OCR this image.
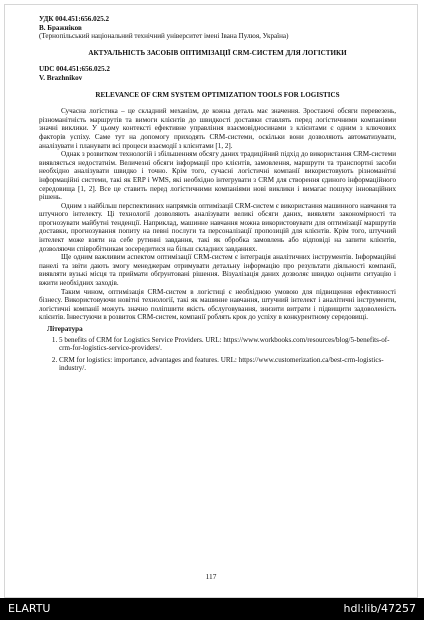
УДК 004.451:656.025.2

В. Бражніков

(Тернопільський національний технічний університет імені Івана Пулюя, Україна)

АКТУАЛЬНІСТЬ ЗАСОБІВ ОПТИМІЗАЦІЇ CRM-СИСТЕМ ДЛЯ ЛОГІСТИКИ

UDC 004.451:656.025.2

V. Brazhnikov

RELEVANCE OF CRM SYSTEM OPTIMIZATION TOOLS FOR LOGISTICS

Сучасна логістика – це складний механізм, де кожна деталь має значення. Зростаючі обсяги перевезень, різноманітність маршрутів та вимоги клієнтів до швидкості доставки ставлять перед логістичними компаніями значні виклики. У цьому контексті ефективне управління взаємовідносинами з клієнтами є одним з ключових факторів успіху. Саме тут на допомогу приходять CRM-системи, оскільки вони дозволяють автоматизувати, аналізувати і планувати всі процеси взаємодії з клієнтами [1, 2].

Однак з розвитком технологій і збільшенням обсягу даних традиційний підхід до використання CRM-системи виявляється недостатнім. Величезні обсяги інформації про клієнтів, замовлення, маршрути та транспортні засоби необхідно аналізувати швидко і точно. Крім того, сучасні логістичні компанії використовують різноманітні інформаційні системи, такі як ERP і WMS, які необхідно інтегрувати з CRM для створення єдиного інформаційного середовища [1, 2]. Все це ставить перед логістичними компаніями нові виклики і вимагає пошуку інноваційних рішень.

Одним з найбільш перспективних напрямків оптимізації CRM-систем є використання машинного навчання та штучного інтелекту. Ці технології дозволяють аналізувати великі обсяги даних, виявляти закономірності та прогнозувати майбутні тенденції. Наприклад, машинне навчання можна використовувати для оптимізації маршрутів доставки, прогнозування попиту на певні послуги та персоналізації пропозицій для клієнтів. Крім того, штучний інтелект може взяти на себе рутинні завдання, такі як обробка замовлень або відповіді на запити клієнтів, дозволяючи співробітникам зосередитися на більш складних завданнях.

Ще одним важливим аспектом оптимізації CRM-систем є інтеграція аналітичних інструментів. Інформаційні панелі та звіти дають змогу менеджерам отримувати детальну інформацію про результати діяльності компанії, виявляти вузькі місця та приймати обґрунтовані рішення. Візуалізація даних дозволяє швидко оцінити ситуацію і вжити необхідних заходів.

Таким чином, оптимізація CRM-систем в логістиці є необхідною умовою для підвищення ефективності бізнесу. Використовуючи новітні технології, такі як машинне навчання, штучний інтелект і аналітичні інструменти, логістичні компанії можуть значно поліпшити якість обслуговування, знизити витрати і підвищити задоволеність клієнтів. Інвестуючи в розвиток CRM-систем, компанії роблять крок до успіху в конкурентному середовищі.

Література

1. 5 benefits of CRM for Logistics Service Providers. URL: https://www.workbooks.com/resources/blog/5-benefits-of-crm-for-logistics-service-providers/.
2. CRM for logistics: importance, advantages and features. URL: https://www.customerization.ca/best-crm-logistics-industry/.
117
ELARTU	hdl:lib/47257
